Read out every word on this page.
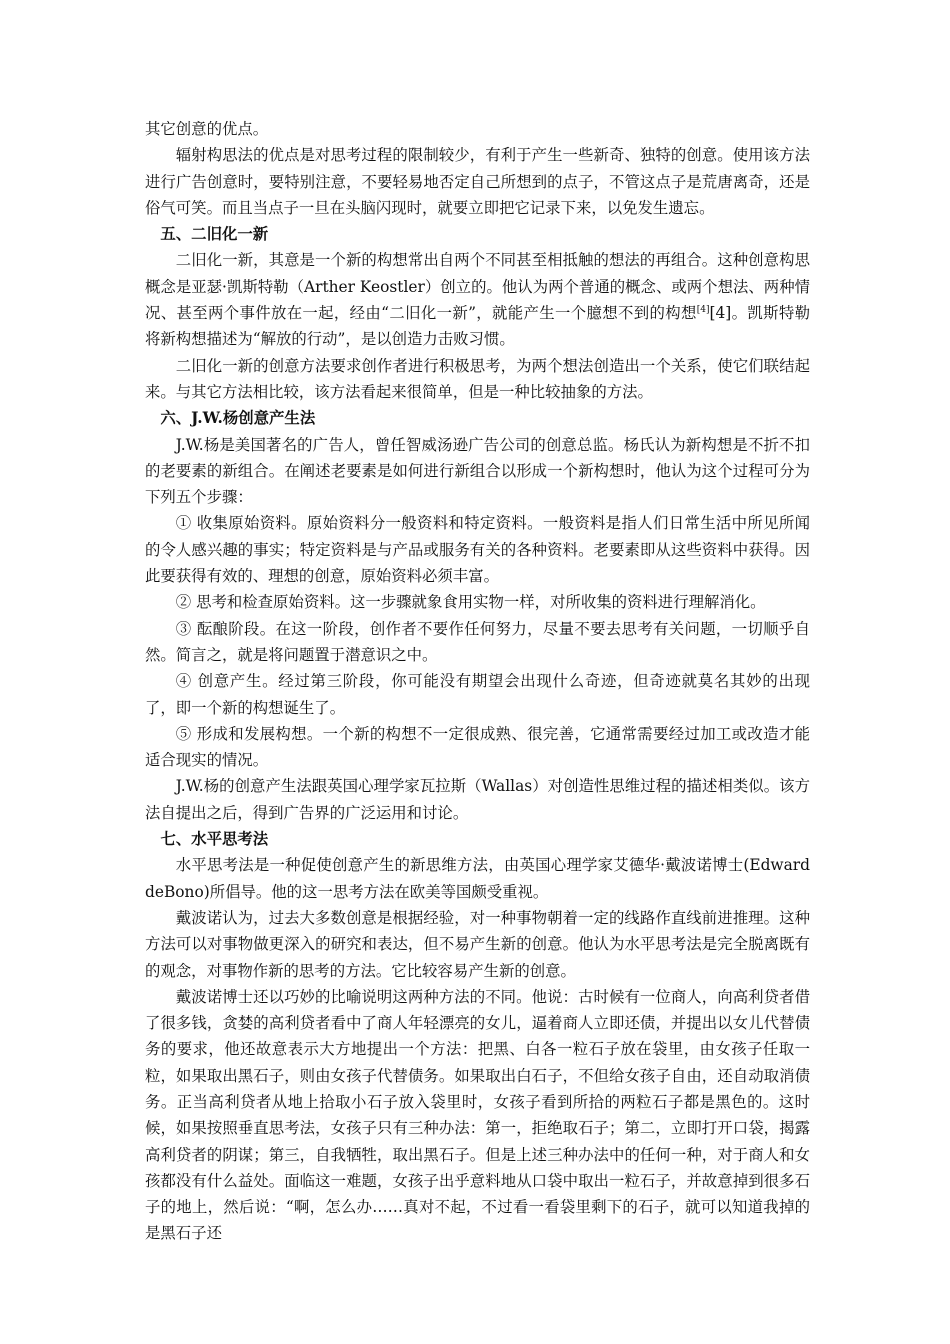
其它创意的优点。

辐射构思法的优点是对思考过程的限制较少，有利于产生一些新奇、独特的创意。使用该方法进行广告创意时，要特别注意，不要轻易地否定自己所想到的点子，不管这点子是荒唐离奇，还是俗气可笑。而且当点子一旦在头脑闪现时，就要立即把它记录下来，以免发生遗忘。

五、二旧化一新

二旧化一新，其意是一个新的构想常出自两个不同甚至相抵触的想法的再组合。这种创意构思概念是亚瑟·凯斯特勒（Arther Keostler）创立的。他认为两个普通的概念、或两个想法、两种情况、甚至两个事件放在一起，经由“二旧化一新”，就能产生一个臆想不到的构想[4][4]。凯斯特勒将新构想描述为“解放的行动”，是以创造力击败习惯。

二旧化一新的创意方法要求创作者进行积极思考，为两个想法创造出一个关系，使它们联结起来。与其它方法相比较，该方法看起来很简单，但是一种比较抽象的方法。

六、J.W.杨创意产生法

J.W.杨是美国著名的广告人，曾任智威汤逊广告公司的创意总监。杨氏认为新构想是不折不扣的老要素的新组合。在阐述老要素是如何进行新组合以形成一个新构想时，他认为这个过程可分为下列五个步骤：

① 收集原始资料。原始资料分一般资料和特定资料。一般资料是指人们日常生活中所见所闻的令人感兴趣的事实；特定资料是与产品或服务有关的各种资料。老要素即从这些资料中获得。因此要获得有效的、理想的创意，原始资料必须丰富。

② 思考和检查原始资料。这一步骤就象食用实物一样，对所收集的资料进行理解消化。

③ 酝酿阶段。在这一阶段，创作者不要作任何努力，尽量不要去思考有关问题，一切顺乎自然。简言之，就是将问题置于潜意识之中。

④ 创意产生。经过第三阶段，你可能没有期望会出现什么奇迹，但奇迹就莫名其妙的出现了，即一个新的构想诞生了。

⑤ 形成和发展构想。一个新的构想不一定很成熟、很完善，它通常需要经过加工或改造才能适合现实的情况。

J.W.杨的创意产生法跟英国心理学家瓦拉斯（Wallas）对创造性思维过程的描述相类似。该方法自提出之后，得到广告界的广泛运用和讨论。

七、水平思考法

水平思考法是一种促使创意产生的新思维方法，由英国心理学家艾德华·戴波诺博士(Edward deBono)所倡导。他的这一思考方法在欧美等国颇受重视。

戴波诺认为，过去大多数创意是根据经验，对一种事物朝着一定的线路作直线前进推理。这种方法可以对事物做更深入的研究和表达，但不易产生新的创意。他认为水平思考法是完全脱离既有的观念，对事物作新的思考的方法。它比较容易产生新的创意。

戴波诺博士还以巧妙的比喻说明这两种方法的不同。他说：古时候有一位商人，向高利贷者借了很多钱，贪婪的高利贷者看中了商人年轻漂亮的女儿，逼着商人立即还债，并提出以女儿代替债务的要求，他还故意表示大方地提出一个方法：把黑、白各一粒石子放在袋里，由女孩子任取一粒，如果取出黑石子，则由女孩子代替债务。如果取出白石子，不但给女孩子自由，还自动取消债务。正当高利贷者从地上拾取小石子放入袋里时，女孩子看到所拾的两粒石子都是黑色的。这时候，如果按照垂直思考法，女孩子只有三种办法：第一，拒绝取石子；第二，立即打开口袋，揭露高利贷者的阴谋；第三，自我牺牲，取出黑石子。但是上述三种办法中的任何一种，对于商人和女孩都没有什么益处。面临这一难题，女孩子出乎意料地从口袋中取出一粒石子，并故意掉到很多石子的地上，然后说：“啊，怎么办……真对不起，不过看一看袋里剩下的石子，就可以知道我掉的是黑石子还
